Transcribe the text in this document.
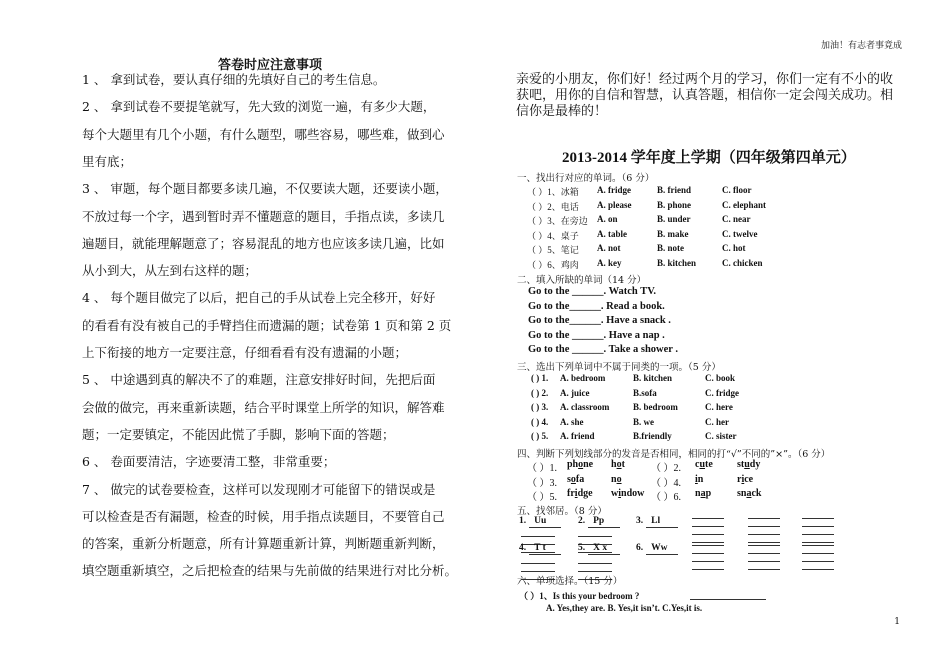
加油！有志者事竟成
1
答卷时应注意事项
1 、 拿到试卷，要认真仔细的先填好自己的考生信息。
2 、 拿到试卷不要提笔就写，先大致的浏览一遍，有多少大题，
每个大题里有几个小题，有什么题型，哪些容易，哪些难，做到心
里有底；
3 、 审题，每个题目都要多读几遍，不仅要读大题，还要读小题，
不放过每一个字，遇到暂时弄不懂题意的题目，手指点读，多读几
遍题目，就能理解题意了；容易混乱的地方也应该多读几遍，比如
从小到大，从左到右这样的题；
4 、 每个题目做完了以后，把自己的手从试卷上完全移开，好好
的看看有没有被自己的手臂挡住而遗漏的题；试卷第 1 页和第 2 页
上下衔接的地方一定要注意，仔细看看有没有遗漏的小题；
5 、 中途遇到真的解决不了的难题，注意安排好时间，先把后面
会做的做完，再来重新读题，结合平时课堂上所学的知识，解答难
题；一定要镇定，不能因此慌了手脚，影响下面的答题；
6 、 卷面要清洁，字迹要清工整，非常重要；
7 、 做完的试卷要检查，这样可以发现刚才可能留下的错误或是
可以检查是否有漏题，检查的时候，用手指点读题目，不要管自己
的答案，重新分析题意，所有计算题重新计算，判断题重新判断，
填空题重新填空，之后把检查的结果与先前做的结果进行对比分析。
亲爱的小朋友，你们好！经过两个月的学习，你们一定有不小的收
获吧，用你的自信和智慧，认真答题，相信你一定会闯关成功。相
信你是最棒的！
2013-2014 学年度上学期（四年级第四单元）
一、找出行对应的单词。（6 分）
（ ）1、冰箱 A. fridge	B. friend	C. floor
（ ）2、电话 A. please	B. phone	C. elephant
（ ）3、在旁边 A. on	B. under	C. near
（ ）4、桌子 A. table	B. make	C. twelve
（ ）5、笔记 A. not	B. note	C. hot
（ ）6、鸡肉 A. key	B. kitchen	C. chicken
二、填入所缺的单词（14 分）
Go to the ______. Watch TV.
Go to the______. Read a book.
Go to the______. Have a snack .
Go to the ______. Have a nap .
Go to the ______. Take a shower .
三、选出下列单词中不属于同类的一项。（5 分）
( ) 1. A. bedroom	B. kitchen	C. book
( ) 2. A. juice	B.sofa	C. fridge
( ) 3. A. classroom	B. bedroom	C. here
( ) 4. A. she	B. we	C. her
( ) 5. A. friend	B.friendly	C. sister
四、判断下列划线部分的发音是否相同，相同的打“√”不同的”×”。（6 分）
（ ）1. phone hot	（ ）2. cute study
（ ）3. sofa	no	（ ）4. in	rice
（ ）5. fridge window （ ）6. nap	snack
五、找邻居。（8 分）
1. Uu	2. Pp	3. Ll
4. T t	5. X x	6. Ww
六、单项选择。（15 分）
（ ）1、Is this your bedroom ?
A. Yes,they are. B. Yes,it isn’t. C.Yes,it is.
